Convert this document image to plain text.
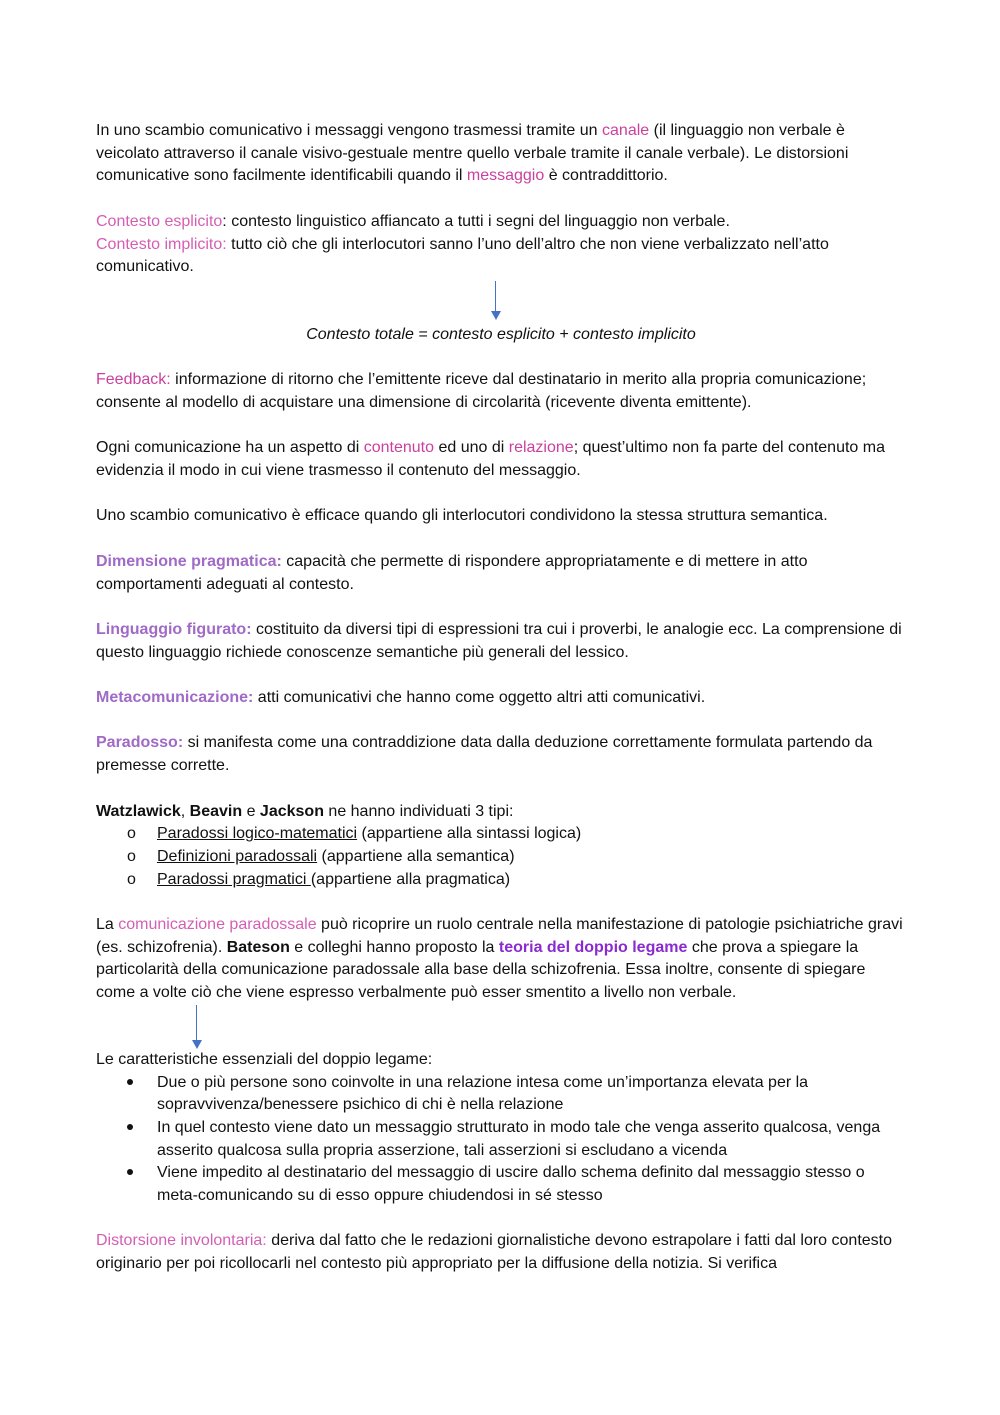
In uno scambio comunicativo i messaggi vengono trasmessi tramite un canale (il linguaggio non verbale è veicolato attraverso il canale visivo-gestuale mentre quello verbale tramite il canale verbale). Le distorsioni comunicative sono facilmente identificabili quando il messaggio è contraddittorio.

Contesto esplicito: contesto linguistico affiancato a tutti i segni del linguaggio non verbale.

Contesto implicito: tutto ciò che gli interlocutori sanno l’uno dell’altro che non viene verbalizzato nell’atto comunicativo.

Contesto totale = contesto esplicito + contesto implicito

Feedback: informazione di ritorno che l’emittente riceve dal destinatario in merito alla propria comunicazione; consente al modello di acquistare una dimensione di circolarità (ricevente diventa emittente).

Ogni comunicazione ha un aspetto di contenuto ed uno di relazione; quest’ultimo non fa parte del contenuto ma evidenzia il modo in cui viene trasmesso il contenuto del messaggio.

Uno scambio comunicativo è efficace quando gli interlocutori condividono la stessa struttura semantica.

Dimensione pragmatica: capacità che permette di rispondere appropriatamente e di mettere in atto comportamenti adeguati al contesto.

Linguaggio figurato: costituito da diversi tipi di espressioni tra cui i proverbi, le analogie ecc. La comprensione di questo linguaggio richiede conoscenze semantiche più generali del lessico.

Metacomunicazione: atti comunicativi che hanno come oggetto altri atti comunicativi.

Paradosso: si manifesta come una contraddizione data dalla deduzione correttamente formulata partendo da premesse corrette.

Watzlawick, Beavin e Jackson ne hanno individuati 3 tipi:

o Paradossi logico-matematici (appartiene alla sintassi logica)
o Definizioni paradossali (appartiene alla semantica)
o Paradossi pragmatici (appartiene alla pragmatica)

La comunicazione paradossale può ricoprire un ruolo centrale nella manifestazione di patologie psichiatriche gravi (es. schizofrenia). Bateson e colleghi hanno proposto la teoria del doppio legame che prova a spiegare la particolarità della comunicazione paradossale alla base della schizofrenia. Essa inoltre, consente di spiegare come a volte ciò che viene espresso verbalmente può esser smentito a livello non verbale.

Le caratteristiche essenziali del doppio legame:

Due o più persone sono coinvolte in una relazione intesa come un’importanza elevata per la sopravvivenza/benessere psichico di chi è nella relazione
In quel contesto viene dato un messaggio strutturato in modo tale che venga asserito qualcosa, venga asserito qualcosa sulla propria asserzione, tali asserzioni si escludano a vicenda
Viene impedito al destinatario del messaggio di uscire dallo schema definito dal messaggio stesso o meta-comunicando su di esso oppure chiudendosi in sé stesso

Distorsione involontaria: deriva dal fatto che le redazioni giornalistiche devono estrapolare i fatti dal loro contesto originario per poi ricollocarli nel contesto più appropriato per la diffusione della notizia. Si verifica
